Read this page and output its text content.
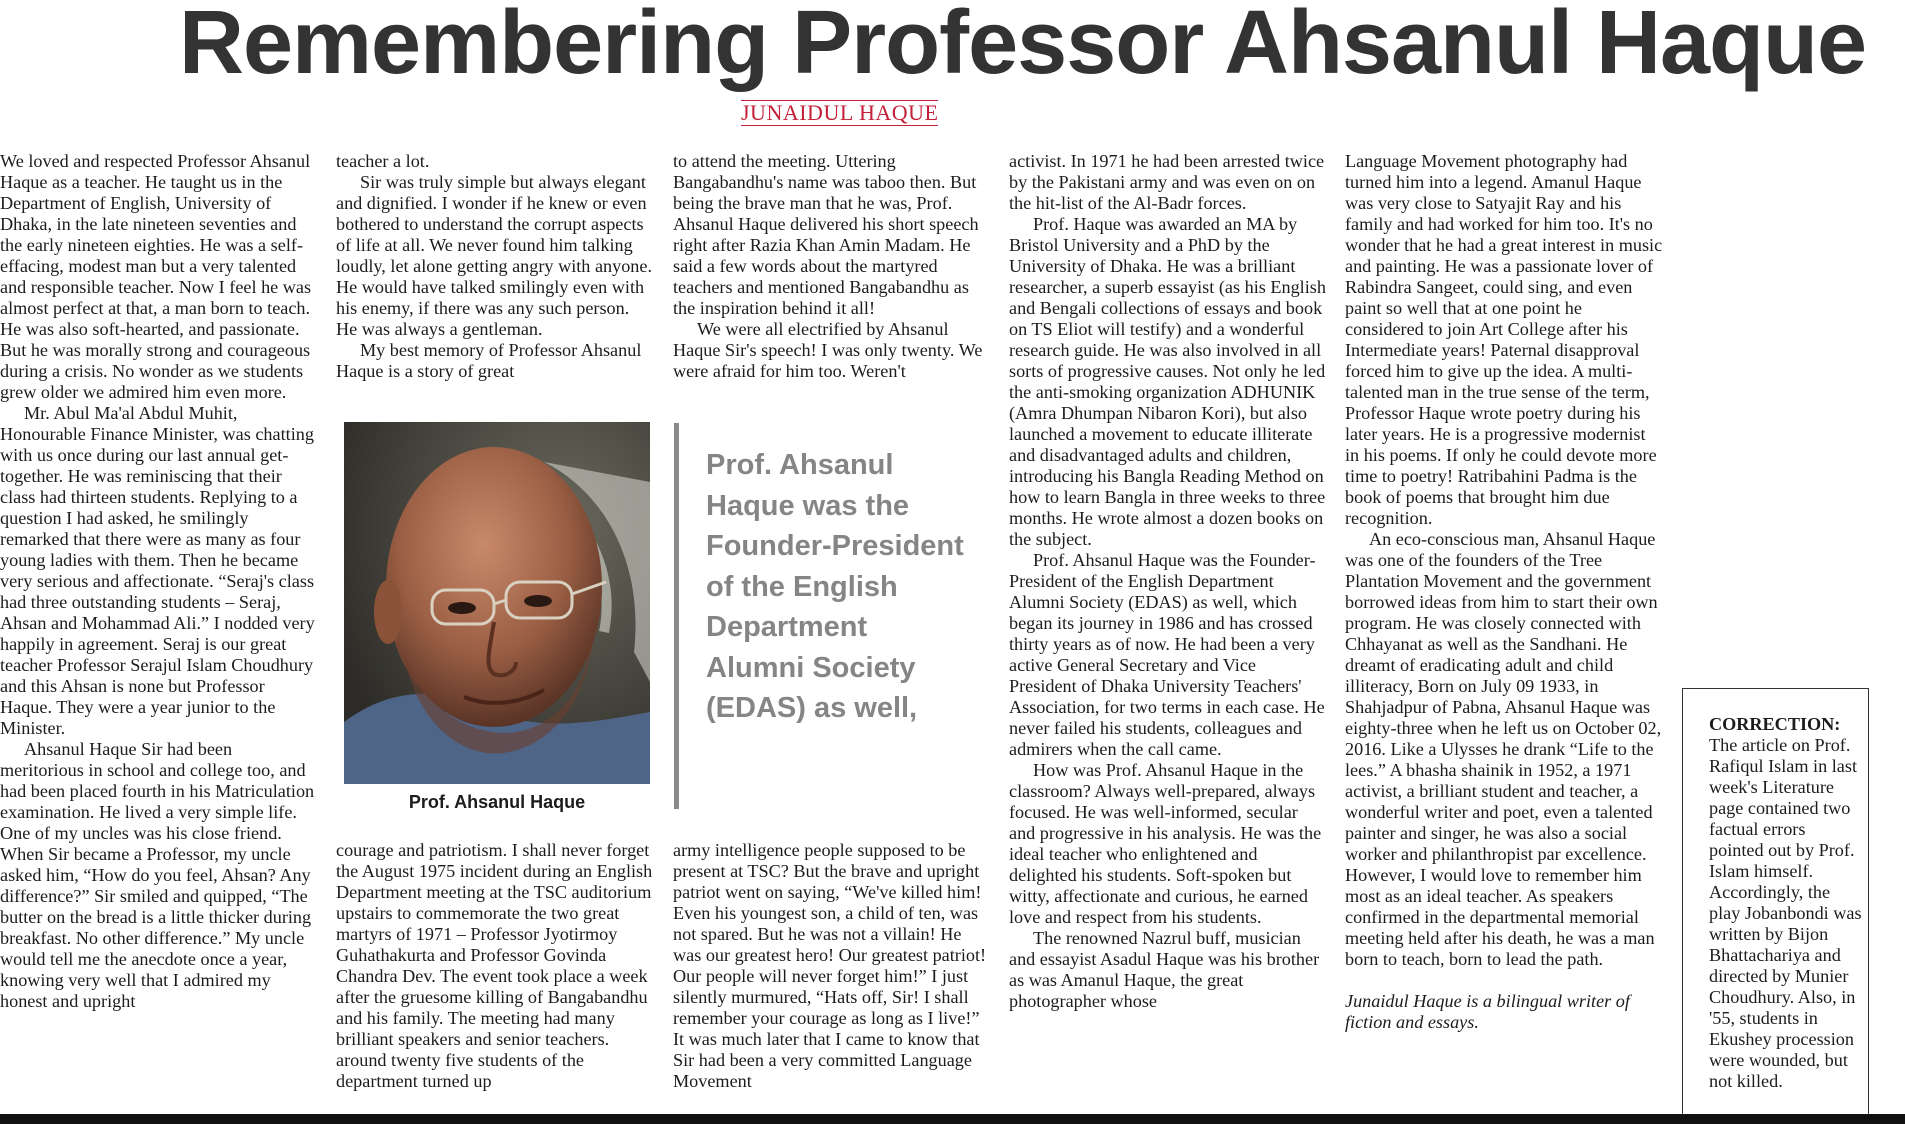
Remembering Professor Ahsanul Haque
JUNAIDUL HAQUE

We loved and respected Professor Ahsanul Haque as a teacher. He taught us in the Department of English, University of Dhaka, in the late nineteen seventies and the early nineteen eighties. He was a self-effacing, modest man but a very talented and responsible teacher. Now I feel he was almost perfect at that, a man born to teach. He was also soft-hearted, and passionate. But he was morally strong and courageous during a crisis. No wonder as we students grew older we admired him even more.

Mr. Abul Ma'al Abdul Muhit, Honourable Finance Minister, was chatting with us once during our last annual get-together. He was reminiscing that their class had thirteen students. Replying to a question I had asked, he smilingly remarked that there were as many as four young ladies with them. Then he became very serious and affectionate. “Seraj's class had three outstanding students – Seraj, Ahsan and Mohammad Ali.” I nodded very happily in agreement. Seraj is our great teacher Professor Serajul Islam Choudhury and this Ahsan is none but Professor Haque. They were a year junior to the Minister.

Ahsanul Haque Sir had been meritorious in school and college too, and had been placed fourth in his Matriculation examination. He lived a very simple life. One of my uncles was his close friend. When Sir became a Professor, my uncle asked him, “How do you feel, Ahsan? Any difference?” Sir smiled and quipped, “The butter on the bread is a little thicker during breakfast. No other difference.” My uncle would tell me the anecdote once a year, knowing very well that I admired my honest and upright

teacher a lot.

Sir was truly simple but always elegant and dignified. I wonder if he knew or even bothered to understand the corrupt aspects of life at all. We never found him talking loudly, let alone getting angry with anyone. He would have talked smilingly even with his enemy, if there was any such person. He was always a gentleman.

My best memory of Professor Ahsanul Haque is a story of great

Prof. Ahsanul Haque

courage and patriotism. I shall never forget the August 1975 incident during an English Department meeting at the TSC auditorium upstairs to commemorate the two great martyrs of 1971 – Professor Jyotirmoy Guhathakurta and Professor Govinda Chandra Dev. The event took place a week after the gruesome killing of Bangabandhu and his family. The meeting had many brilliant speakers and senior teachers. around twenty five students of the department turned up

to attend the meeting. Uttering Bangabandhu's name was taboo then. But being the brave man that he was, Prof. Ahsanul Haque delivered his short speech right after Razia Khan Amin Madam. He said a few words about the martyred teachers and mentioned Bangabandhu as the inspiration behind it all!

We were all electrified by Ahsanul Haque Sir's speech! I was only twenty. We were afraid for him too. Weren't

Prof. Ahsanul Haque was the Founder-President of the English Department Alumni Society (EDAS) as well,

army intelligence people supposed to be present at TSC? But the brave and upright patriot went on saying, “We've killed him! Even his youngest son, a child of ten, was not spared. But he was not a villain! He was our greatest hero! Our greatest patriot! Our people will never forget him!” I just silently murmured, “Hats off, Sir! I shall remember your courage as long as I live!” It was much later that I came to know that Sir had been a very committed Language Movement

activist. In 1971 he had been arrested twice by the Pakistani army and was even on on the hit-list of the Al-Badr forces.

Prof. Haque was awarded an MA by Bristol University and a PhD by the University of Dhaka. He was a brilliant researcher, a superb essayist (as his English and Bengali collections of essays and book on TS Eliot will testify) and a wonderful research guide. He was also involved in all sorts of progressive causes. Not only he led the anti-smoking organization ADHUNIK (Amra Dhumpan Nibaron Kori), but also launched a movement to educate illiterate and disadvantaged adults and children, introducing his Bangla Reading Method on how to learn Bangla in three weeks to three months. He wrote almost a dozen books on the subject.

Prof. Ahsanul Haque was the Founder-President of the English Department Alumni Society (EDAS) as well, which began its journey in 1986 and has crossed thirty years as of now. He had been a very active General Secretary and Vice President of Dhaka University Teachers' Association, for two terms in each case. He never failed his students, colleagues and admirers when the call came.

How was Prof. Ahsanul Haque in the classroom? Always well-prepared, always focused. He was well-informed, secular and progressive in his analysis. He was the ideal teacher who enlightened and delighted his students. Soft-spoken but witty, affectionate and curious, he earned love and respect from his students.

The renowned Nazrul buff, musician and essayist Asadul Haque was his brother as was Amanul Haque, the great photographer whose

Language Movement photography had turned him into a legend. Amanul Haque was very close to Satyajit Ray and his family and had worked for him too. It's no wonder that he had a great interest in music and painting. He was a passionate lover of Rabindra Sangeet, could sing, and even paint so well that at one point he considered to join Art College after his Intermediate years! Paternal disapproval forced him to give up the idea. A multi-talented man in the true sense of the term, Professor Haque wrote poetry during his later years. He is a progressive modernist in his poems. If only he could devote more time to poetry! Ratribahini Padma is the book of poems that brought him due recognition.

An eco-conscious man, Ahsanul Haque was one of the founders of the Tree Plantation Movement and the government borrowed ideas from him to start their own program. He was closely connected with Chhayanat as well as the Sandhani. He dreamt of eradicating adult and child illiteracy, Born on July 09 1933, in Shahjadpur of Pabna, Ahsanul Haque was eighty-three when he left us on October 02, 2016. Like a Ulysses he drank “Life to the lees.” A bhasha shainik in 1952, a 1971 activist, a brilliant student and teacher, a wonderful writer and poet, even a talented painter and singer, he was also a social worker and philanthropist par excellence. However, I would love to remember him most as an ideal teacher. As speakers confirmed in the departmental memorial meeting held after his death, he was a man born to teach, born to lead the path.

Junaidul Haque is a bilingual writer of fiction and essays.

CORRECTION:
The article on Prof. Rafiqul Islam in last week's Literature page contained two factual errors pointed out by Prof. Islam himself. Accordingly, the play Jobanbondi was written by Bijon Bhattachariya and directed by Munier Choudhury. Also, in '55, students in Ekushey procession were wounded, but not killed.
